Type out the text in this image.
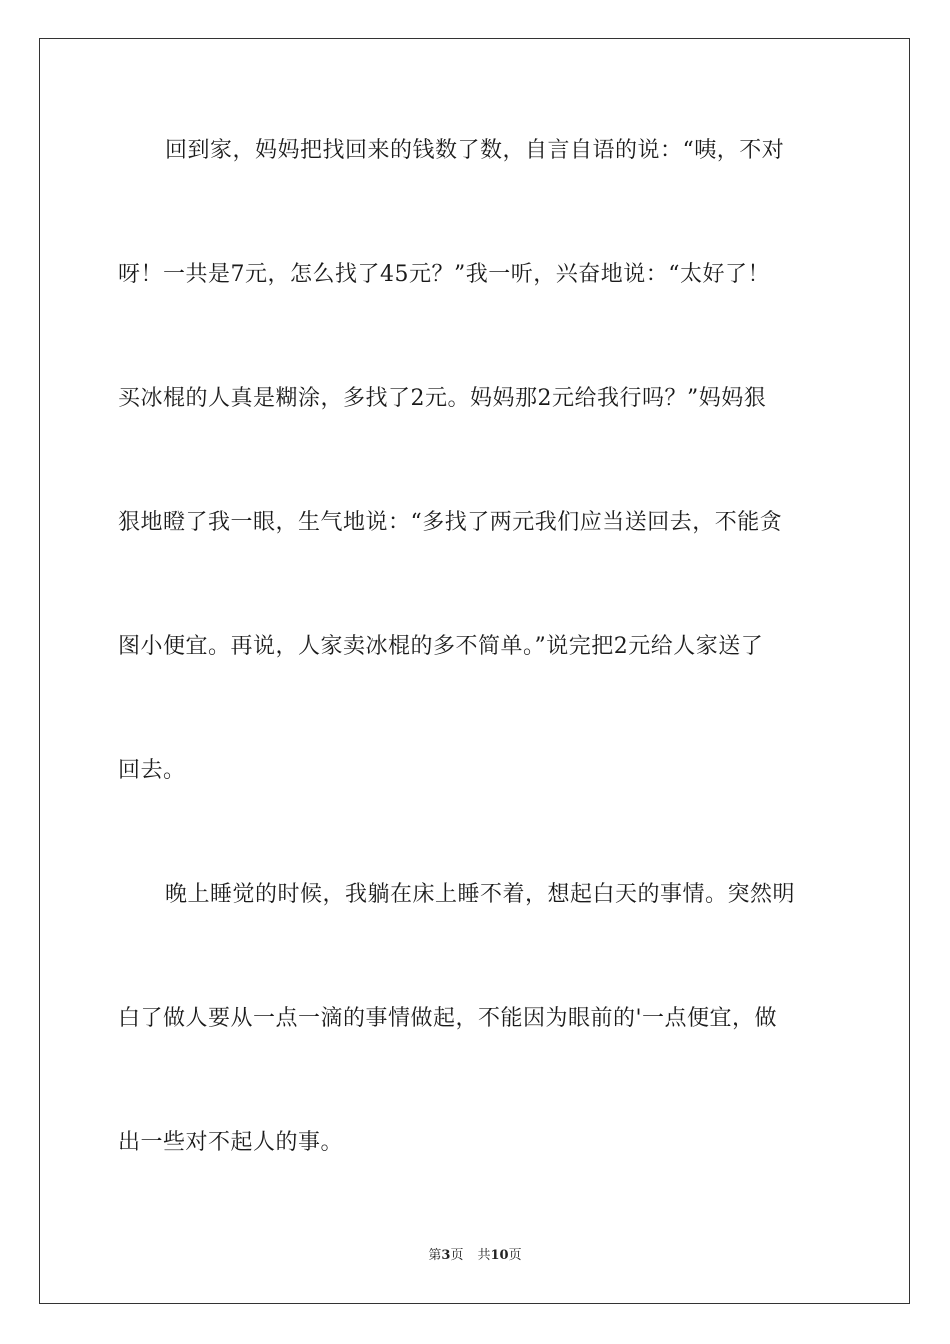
回到家，妈妈把找回来的钱数了数，自言自语的说：“咦，不对
呀！一共是7元，怎么找了45元？”我一听，兴奋地说：“太好了！
买冰棍的人真是糊涂，多找了2元。妈妈那2元给我行吗？”妈妈狠
狠地瞪了我一眼，生气地说：“多找了两元我们应当送回去，不能贪
图小便宜。再说，人家卖冰棍的多不简单。”说完把2元给人家送了
回去。
晚上睡觉的时候，我躺在床上睡不着，想起白天的事情。突然明
白了做人要从一点一滴的事情做起，不能因为眼前的'一点便宜，做
出一些对不起人的事。
第3页 共10页
